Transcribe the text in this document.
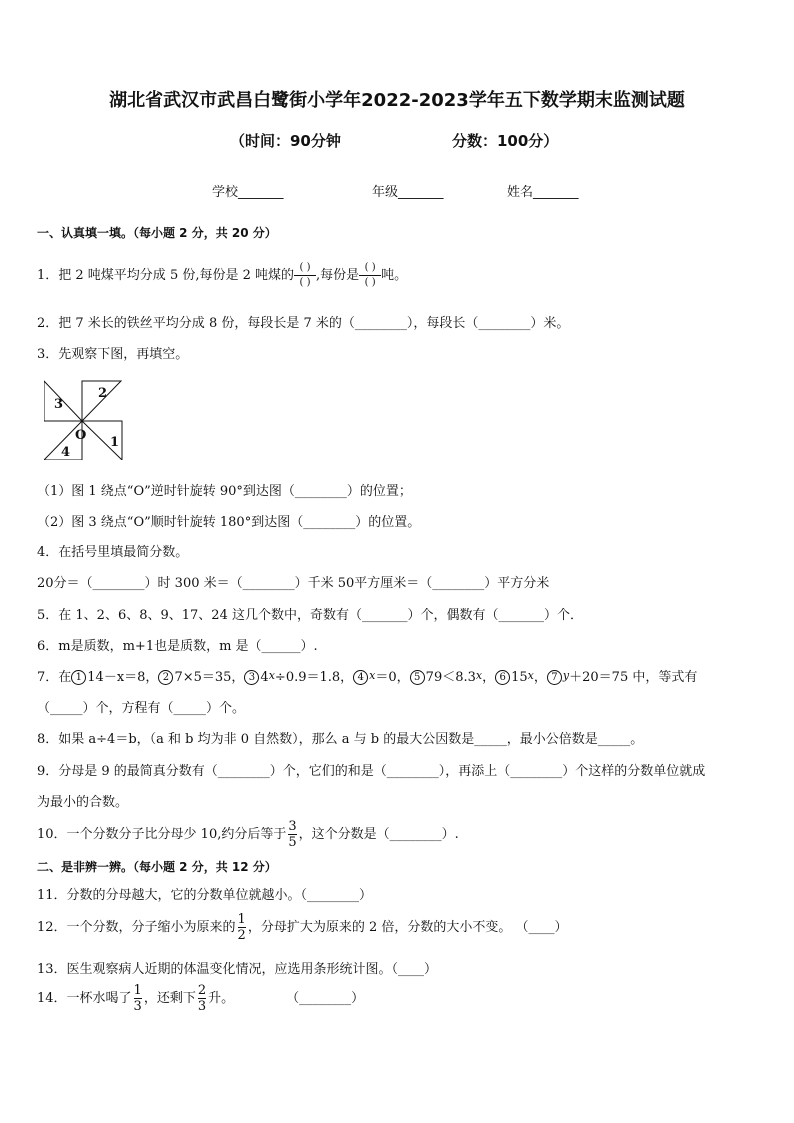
湖北省武汉市武昌白鹭街小学年2022-2023学年五下数学期末监测试题
（时间：90分钟	分数：100分）
学校_______	年级_______	姓名_______
一、认真填一填。（每小题 2 分，共 20 分）
1．把 2 吨煤平均分成 5 份,每份是 2 吨煤的( )
( ) ,每份是( )
( ) 吨。
2．把 7 米长的铁丝平均分成 8 份，每段长是 7 米的（________），每段长（________）米。
3．先观察下图，再填空。
2
3
O 1
4
（1）图 1 绕点“O”逆时针旋转 90°到达图（________）的位置；
（2）图 3 绕点“O”顺时针旋转 180°到达图（________）的位置。
4．在括号里填最简分数。
20分＝（________）时 300 米＝（________）千米 50平方厘米＝（________）平方分米
5．在 1、2、6、8、9、17、24 这几个数中，奇数有（_______）个，偶数有（_______）个．
6．m是质数，m+1也是质数，m 是（______）.
7．在 1 14－x＝8， 2 7×5＝35， 3 4x÷0.9＝1.8， 4 x＝0， 5 79＜8.3x， 6 15x， 7 y＋20＝75 中，等式有
（_____）个，方程有（_____）个。
8．如果 a÷4＝b，（a 和 b 均为非 0 自然数），那么 a 与 b 的最大公因数是_____，最小公倍数是_____。
9．分母是 9 的最简真分数有（________）个，它们的和是（________），再添上（________）个这样的分数单位就成
为最小的合数。
10．一个分数分子比分母少 10,约分后等于 $\frac{3}{5}$ ，这个分数是（________）.
二、是非辨一辨。（每小题 2 分，共 12 分）
11．分数的分母越大，它的分数单位就越小。（________）
12．一个分数，分子缩小为原来的 $\frac{1}{2}$ ，分母扩大为原来的 2 倍，分数的大小不变。 （____）
13．医生观察病人近期的体温变化情况，应选用条形统计图。（____）
14．一杯水喝了 $\frac{1}{3}$ ，还剩下 $\frac{2}{3}$ 升。	（________）
